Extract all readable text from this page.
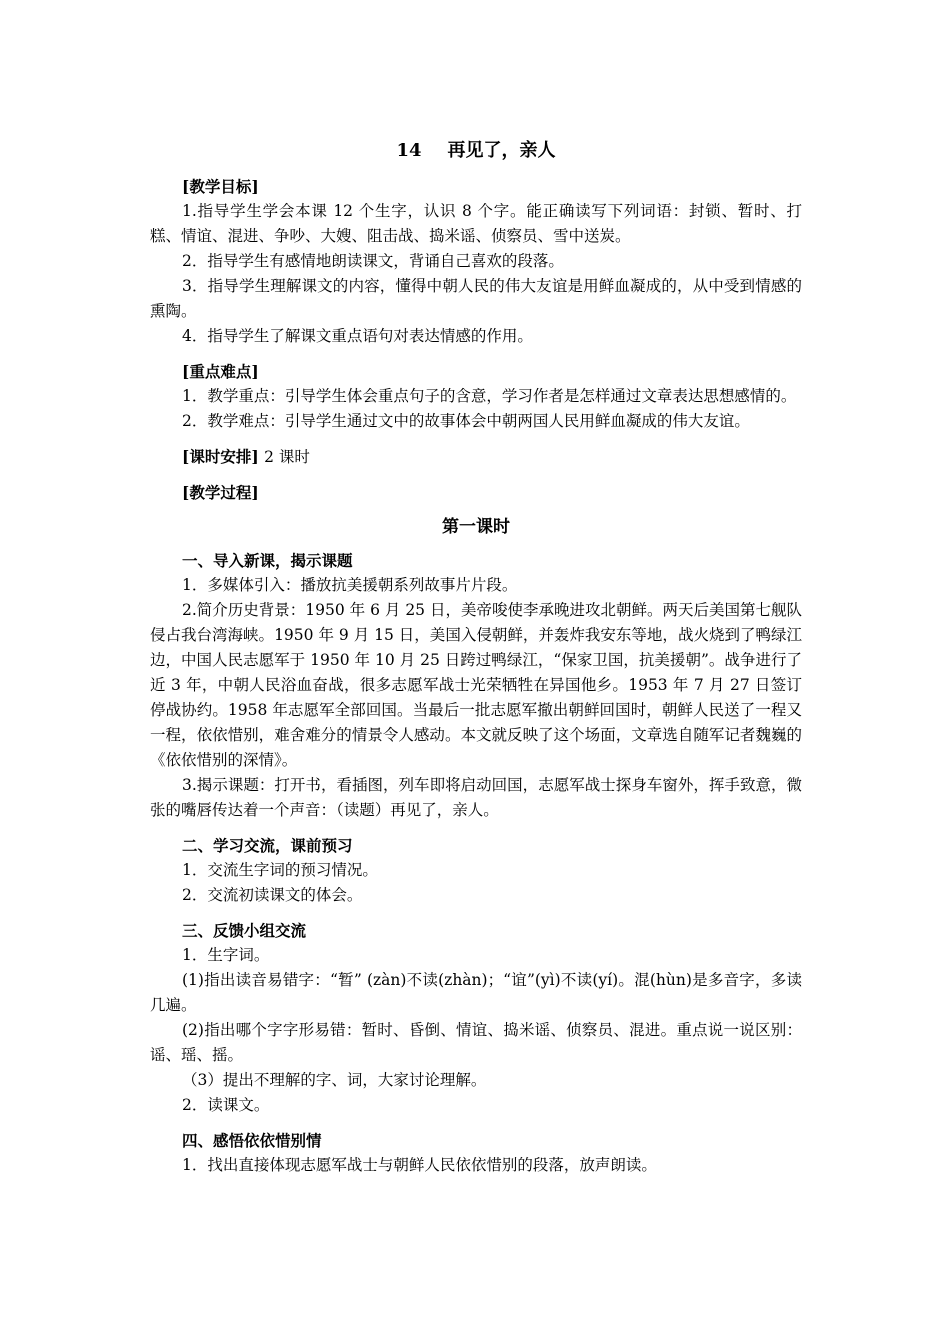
14 再见了，亲人
[教学目标]

1.指导学生学会本课 12 个生字，认识 8 个字。能正确读写下列词语：封锁、暂时、打糕、情谊、混进、争吵、大嫂、阻击战、捣米谣、侦察员、雪中送炭。

2．指导学生有感情地朗读课文，背诵自己喜欢的段落。

3．指导学生理解课文的内容，懂得中朝人民的伟大友谊是用鲜血凝成的，从中受到情感的熏陶。

4．指导学生了解课文重点语句对表达情感的作用。

[重点难点]

1．教学重点：引导学生体会重点句子的含意，学习作者是怎样通过文章表达思想感情的。

2．教学难点：引导学生通过文中的故事体会中朝两国人民用鲜血凝成的伟大友谊。

[课时安排] 2 课时
[教学过程]
第一课时
一、导入新课，揭示课题

1．多媒体引入：播放抗美援朝系列故事片片段。

2.简介历史背景：1950 年 6 月 25 日，美帝唆使李承晚进攻北朝鲜。两天后美国第七舰队侵占我台湾海峡。1950 年 9 月 15 日，美国入侵朝鲜，并轰炸我安东等地，战火烧到了鸭绿江边，中国人民志愿军于 1950 年 10 月 25 日跨过鸭绿江，“保家卫国，抗美援朝”。战争进行了近 3 年，中朝人民浴血奋战，很多志愿军战士光荣牺牲在异国他乡。1953 年 7 月 27 日签订停战协约。1958 年志愿军全部回国。当最后一批志愿军撤出朝鲜回国时，朝鲜人民送了一程又一程，依依惜别，难舍难分的情景令人感动。本文就反映了这个场面，文章选自随军记者魏巍的《依依惜别的深情》。

3.揭示课题：打开书，看插图，列车即将启动回国，志愿军战士探身车窗外，挥手致意，微张的嘴唇传达着一个声音：（读题）再见了，亲人。

二、学习交流，课前预习

1．交流生字词的预习情况。

2．交流初读课文的体会。

三、反馈小组交流

1．生字词。

(1)指出读音易错字：“暂” (zàn)不读(zhàn)；“谊”(yì)不读(yí)。混(hùn)是多音字，多读几遍。

(2)指出哪个字字形易错：暂时、昏倒、情谊、捣米谣、侦察员、混进。重点说一说区别：谣、瑶、摇。

（3）提出不理解的字、词，大家讨论理解。

2．读课文。

四、感悟依依惜别情

1．找出直接体现志愿军战士与朝鲜人民依依惜别的段落，放声朗读。
